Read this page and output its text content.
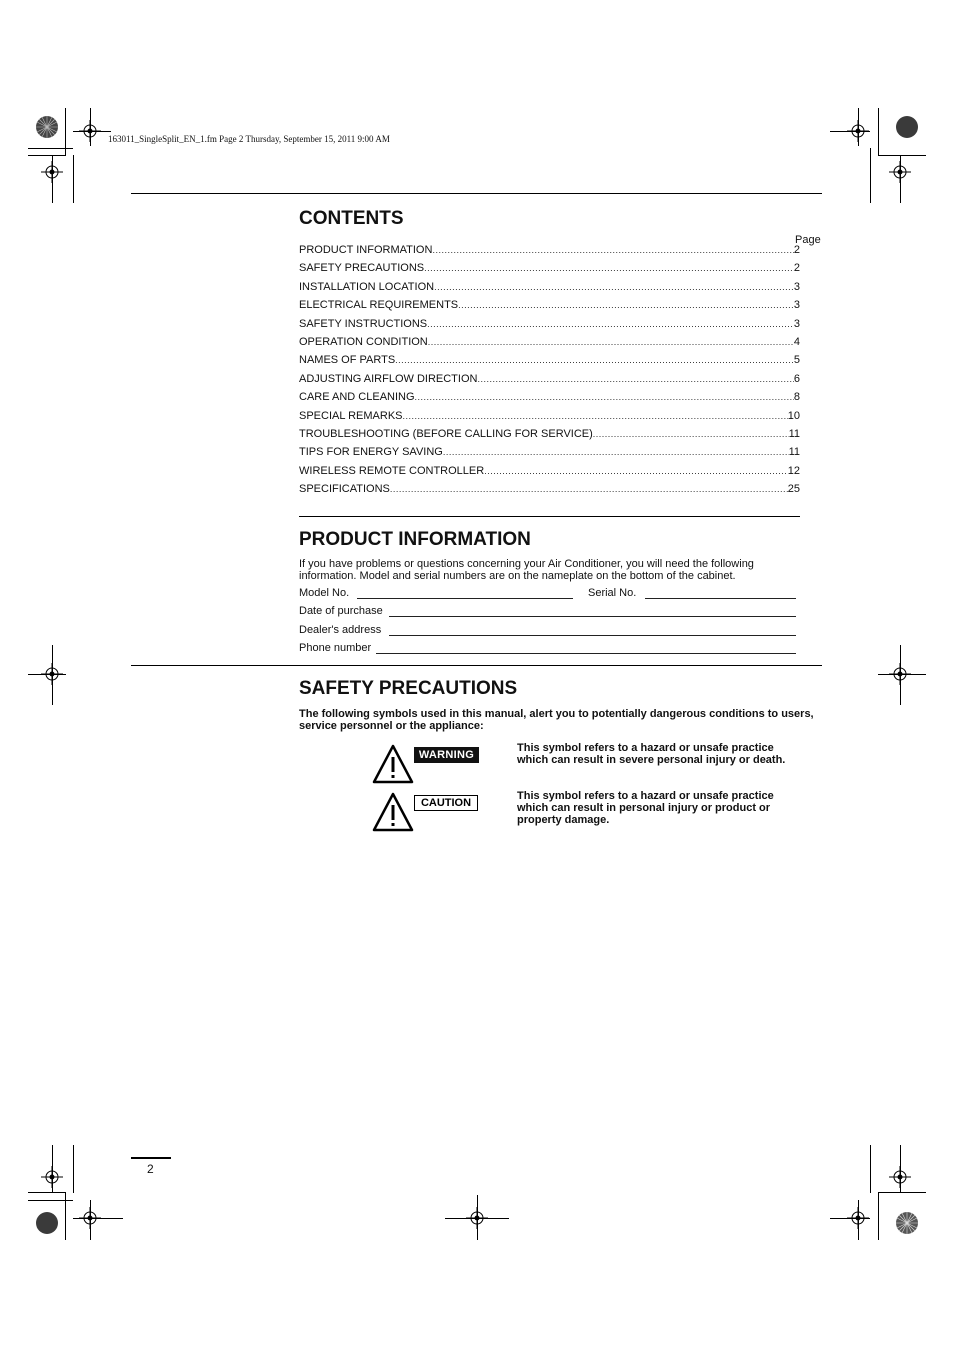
163011_SingleSplit_EN_1.fm Page 2 Thursday, September 15, 2011 9:00 AM
CONTENTS
Page
PRODUCT INFORMATION .....	2
SAFETY PRECAUTIONS .....	2
INSTALLATION LOCATION .....	3
ELECTRICAL REQUIREMENTS .....	3
SAFETY INSTRUCTIONS .....	3
OPERATION CONDITION .....	4
NAMES OF PARTS .....	5
ADJUSTING AIRFLOW DIRECTION .....	6
CARE AND CLEANING .....	8
SPECIAL REMARKS .....	10
TROUBLESHOOTING (BEFORE CALLING FOR SERVICE) .....	11
TIPS FOR ENERGY SAVING .....	11
WIRELESS REMOTE CONTROLLER .....	12
SPECIFICATIONS .....	25
PRODUCT INFORMATION
If you have problems or questions concerning your Air Conditioner, you will need the following information. Model and serial numbers are on the nameplate on the bottom of the cabinet.
Model No.	Serial No.
Date of purchase
Dealer's address
Phone number
SAFETY PRECAUTIONS
The following symbols used in this manual, alert you to potentially dangerous conditions to users, service personnel or the appliance:
WARNING
This symbol refers to a hazard or unsafe practice which can result in severe personal injury or death.
CAUTION
This symbol refers to a hazard or unsafe practice which can result in personal injury or product or property damage.
2
